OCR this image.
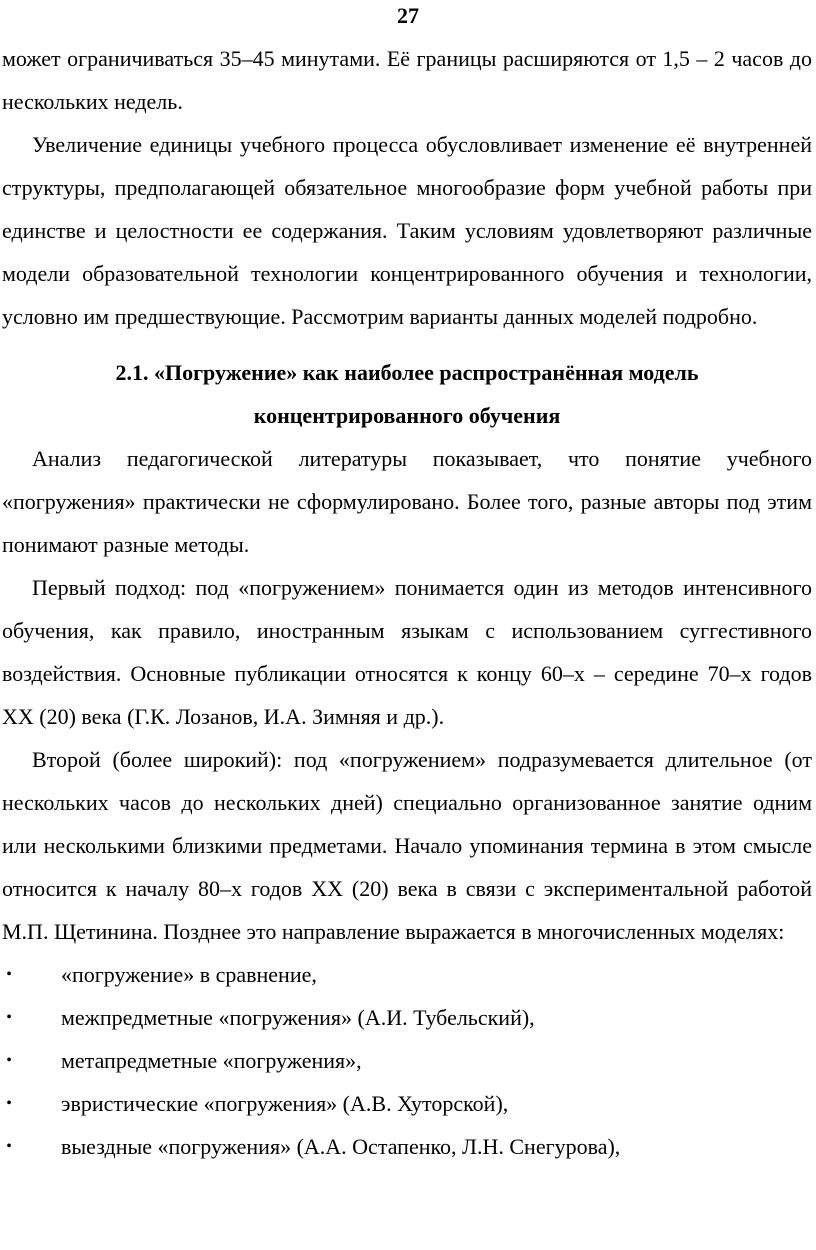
27

может ограничиваться 35–45 минутами. Её границы расширяются от 1,5 – 2 часов до нескольких недель.

Увеличение единицы учебного процесса обусловливает изменение её внутренней структуры, предполагающей обязательное многообразие форм учебной работы при единстве и целостности ее содержания. Таким условиям удовлетворяют различные модели образовательной технологии концентрированного обучения и технологии, условно им предшествующие. Рассмотрим варианты данных моделей подробно.

2.1. «Погружение» как наиболее распространённая модель
концентрированного обучения

Анализ педагогической литературы показывает, что понятие учебного «погружения» практически не сформулировано. Более того, разные авторы под этим понимают разные методы.

Первый подход: под «погружением» понимается один из методов интенсивного обучения, как правило, иностранным языкам с использованием суггестивного воздействия. Основные публикации относятся к концу 60–х – середине 70–х годов XX (20) века (Г.К. Лозанов, И.А. Зимняя и др.).

Второй (более широкий): под «погружением» подразумевается длительное (от нескольких часов до нескольких дней) специально организованное занятие одним или несколькими близкими предметами. Начало упоминания термина в этом смысле относится к началу 80–х годов XX (20) века в связи с экспериментальной работой М.П. Щетинина. Позднее это направление выражается в многочисленных моделях:

• «погружение» в сравнение,
• межпредметные «погружения» (А.И. Тубельский),
• метапредметные «погружения»,
• эвристические «погружения» (А.В. Хуторской),
• выездные «погружения» (А.А. Остапенко, Л.Н. Снегурова),
